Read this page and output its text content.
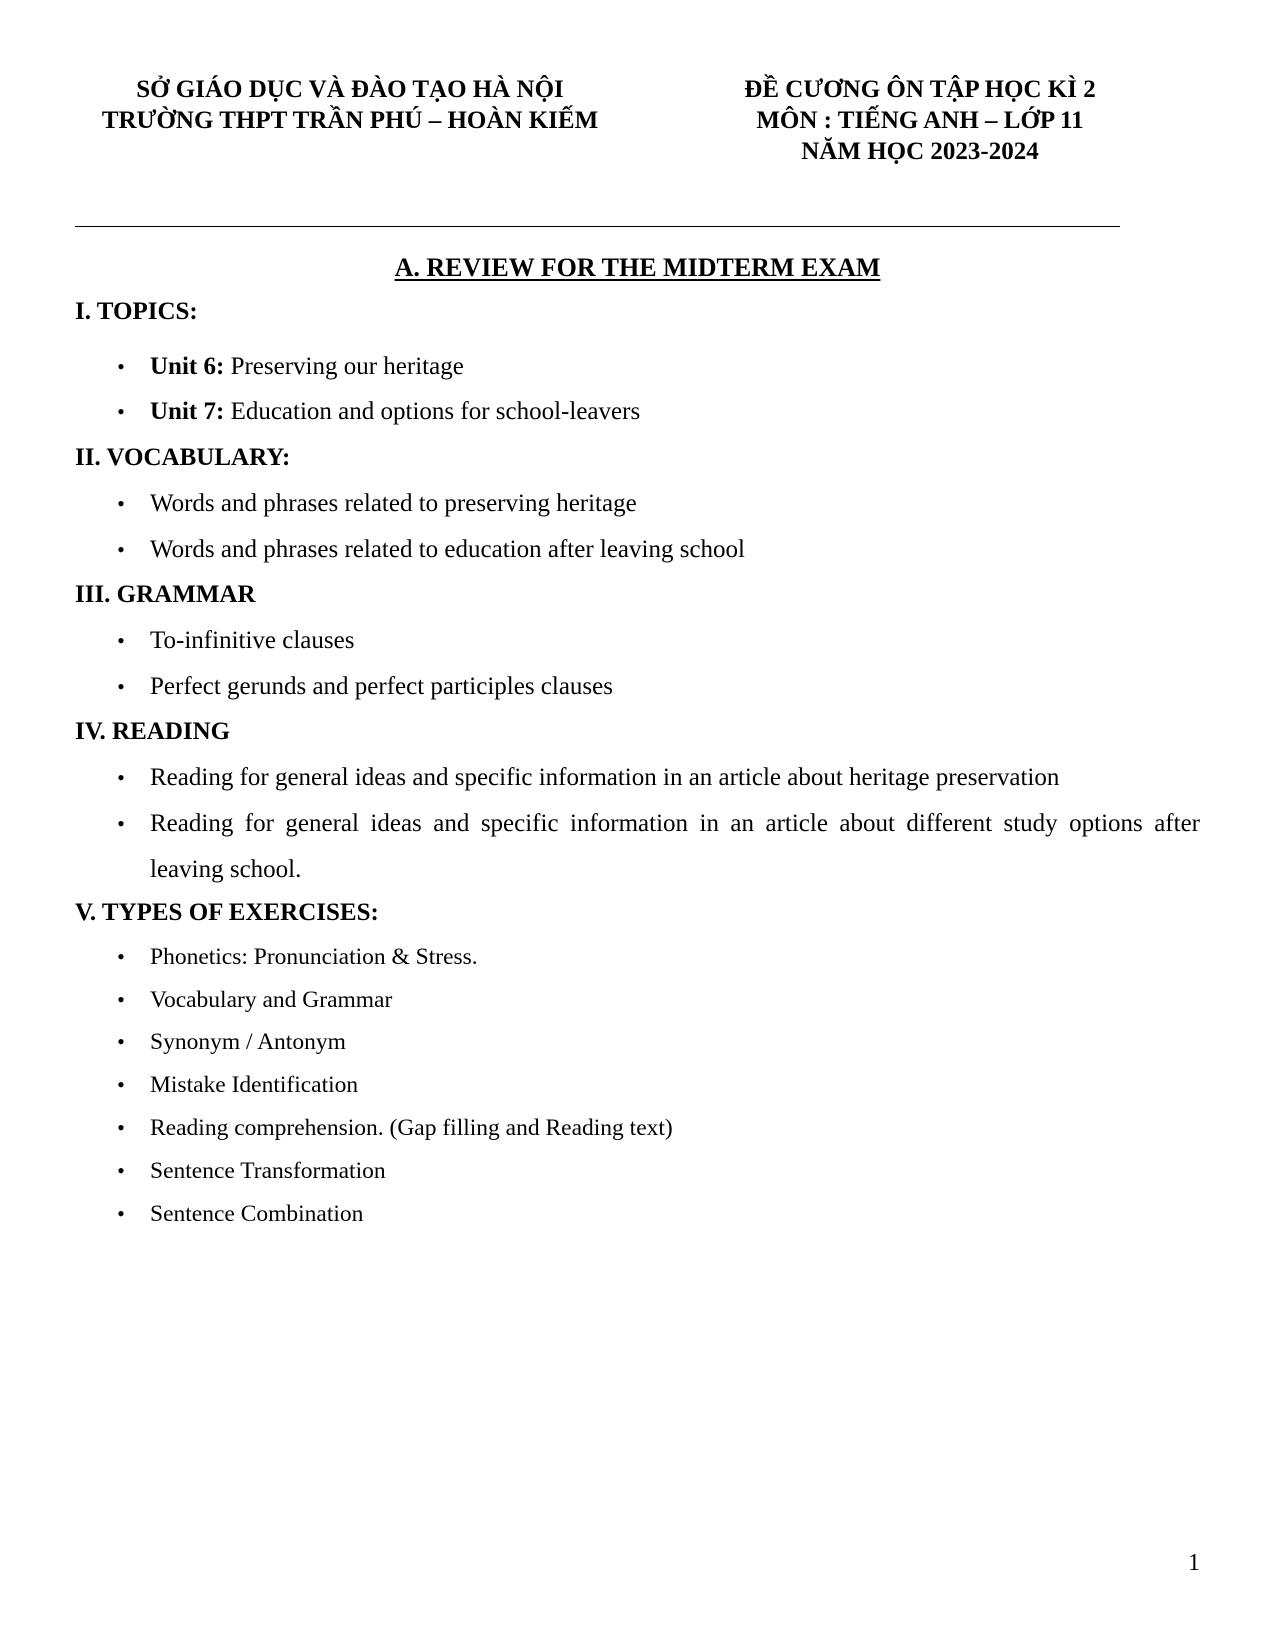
SỞ GIÁO DỤC VÀ ĐÀO TẠO HÀ NỘI
TRƯỜNG THPT TRẦN PHÚ – HOÀN KIẾM
ĐỀ CƯƠNG ÔN TẬP HỌC KÌ 2
MÔN : TIẾNG ANH – LỚP 11
NĂM HỌC 2023-2024
A. REVIEW FOR THE MIDTERM EXAM
I. TOPICS:
• Unit 6: Preserving our heritage
• Unit 7: Education and options for school-leavers
II. VOCABULARY:
• Words and phrases related to preserving heritage
• Words and phrases related to education after leaving school
III. GRAMMAR
• To-infinitive clauses
• Perfect gerunds and perfect participles clauses
IV. READING
• Reading for general ideas and specific information in an article about heritage preservation
• Reading for general ideas and specific information in an article about different study options after leaving school.
V. TYPES OF EXERCISES:
• Phonetics: Pronunciation & Stress.
• Vocabulary and Grammar
• Synonym / Antonym
• Mistake Identification
• Reading comprehension. (Gap filling and Reading text)
• Sentence Transformation
• Sentence Combination
1
